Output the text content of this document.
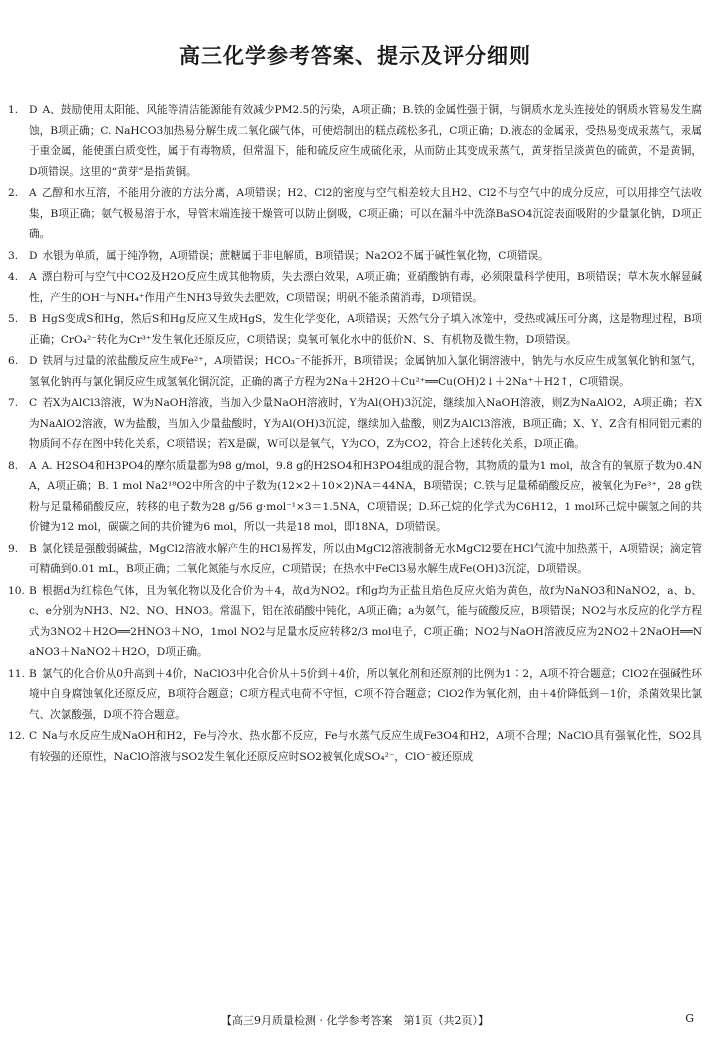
高三化学参考答案、提示及评分细则

1. D A、鼓励使用太阳能、风能等清洁能源能有效减少PM2.5的污染，A项正确；B.铁的金属性强于铜，与铜质水龙头连接处的钢质水管易发生腐蚀，B项正确；C. NaHCO3加热易分解生成二氧化碳气体，可使焙制出的糕点疏松多孔，C项正确；D.液态的金属汞，受热易变成汞蒸气，汞属于重金属，能使蛋白质变性，属于有毒物质，但常温下，能和硫反应生成硫化汞，从而防止其变成汞蒸气，黄芽指呈淡黄色的硫黄，不是黄铜，D项错误。这里的“黄芽”是指黄铜。

2. A 乙醇和水互溶，不能用分液的方法分离，A项错误；H2、Cl2的密度与空气相差较大且H2、Cl2不与空气中的成分反应，可以用排空气法收集，B项正确；氨气极易溶于水，导管末端连接干燥管可以防止倒吸，C项正确；可以在漏斗中洗涤BaSO4沉淀表面吸附的少量氯化钠，D项正确。

3. D 水银为单质，属于纯净物，A项错误；蔗糖属于非电解质，B项错误；Na2O2不属于碱性氧化物，C项错误。

4. A 漂白粉可与空气中CO2及H2O反应生成其他物质，失去漂白效果，A项正确；亚硝酸钠有毒，必须限量科学使用，B项错误；草木灰水解显碱性，产生的OH⁻与NH₄⁺作用产生NH3导致失去肥效，C项错误；明矾不能杀菌消毒，D项错误。

5. B HgS变成S和Hg，然后S和Hg反应又生成HgS，发生化学变化，A项错误；天然气分子填入冰笼中，受热或减压可分离，这是物理过程，B项正确；CrO₄²⁻转化为Cr³⁺发生氧化还原反应，C项错误；臭氧可氧化水中的低价N、S、有机物及微生物，D项错误。

6. D 铁屑与过量的浓盐酸反应生成Fe²⁺，A项错误；HCO₃⁻不能拆开，B项错误；金属钠加入氯化铜溶液中，钠先与水反应生成氢氧化钠和氢气，氢氧化钠再与氯化铜反应生成氢氧化铜沉淀，正确的离子方程为2Na＋2H2O＋Cu²⁺══Cu(OH)2↓＋2Na⁺＋H2↑，C项错误。

7. C 若X为AlCl3溶液，W为NaOH溶液，当加入少量NaOH溶液时，Y为Al(OH)3沉淀，继续加入NaOH溶液，则Z为NaAlO2，A项正确；若X为NaAlO2溶液，W为盐酸，当加入少量盐酸时，Y为Al(OH)3沉淀，继续加入盐酸，则Z为AlCl3溶液，B项正确；X、Y、Z含有相同铝元素的物质间不存在图中转化关系，C项错误；若X是碳，W可以是氧气，Y为CO，Z为CO2，符合上述转化关系，D项正确。

8. A A. H2SO4和H3PO4的摩尔质量都为98 g/mol，9.8 g的H2SO4和H3PO4组成的混合物，其物质的量为1 mol，故含有的氧原子数为0.4NA，A项正确；B. 1 mol Na2¹⁸O2中所含的中子数为(12×2＋10×2)NA＝44NA，B项错误；C.铁与足量稀硝酸反应，被氧化为Fe³⁺，28 g铁粉与足量稀硝酸反应，转移的电子数为28 g/56 g·mol⁻¹×3＝1.5NA，C项错误；D.环己烷的化学式为C6H12，1 mol环己烷中碳氢之间的共价键为12 mol，碳碳之间的共价键为6 mol，所以一共是18 mol，即18NA，D项错误。

9. B 氯化镁是强酸弱碱盐，MgCl2溶液水解产生的HCl易挥发，所以由MgCl2溶液制备无水MgCl2要在HCl气流中加热蒸干，A项错误；滴定管可精确到0.01 mL，B项正确；二氧化氮能与水反应，C项错误；在热水中FeCl3易水解生成Fe(OH)3沉淀，D项错误。

10. B 根据d为红棕色气体，且为氧化物以及化合价为＋4，故d为NO2。f和g均为正盐且焰色反应火焰为黄色，故f为NaNO3和NaNO2，a、b、c、e分别为NH3、N2、NO、HNO3。常温下，铝在浓硝酸中钝化，A项正确；a为氨气，能与硫酸反应，B项错误；NO2与水反应的化学方程式为3NO2＋H2O══2HNO3＋NO，1mol NO2与足量水反应转移2/3 mol电子，C项正确；NO2与NaOH溶液反应为2NO2＋2NaOH══NaNO3＋NaNO2＋H2O，D项正确。

11. B 氯气的化合价从0升高到＋4价，NaClO3中化合价从＋5价到＋4价，所以氧化剂和还原剂的比例为1∶2，A项不符合题意；ClO2在强碱性环境中自身腐蚀氧化还原反应，B项符合题意；C项方程式电荷不守恒，C项不符合题意；ClO2作为氧化剂，由＋4价降低到－1价，杀菌效果比氯气、次氯酸强，D项不符合题意。

12. C Na与水反应生成NaOH和H2，Fe与冷水、热水都不反应，Fe与水蒸气反应生成Fe3O4和H2，A项不合理；NaClO具有强氧化性，SO2具有较强的还原性，NaClO溶液与SO2发生氧化还原反应时SO2被氧化成SO₄²⁻，ClO⁻被还原成

【高三9月质量检测 · 化学参考答案　第1页（共2页）】	G
